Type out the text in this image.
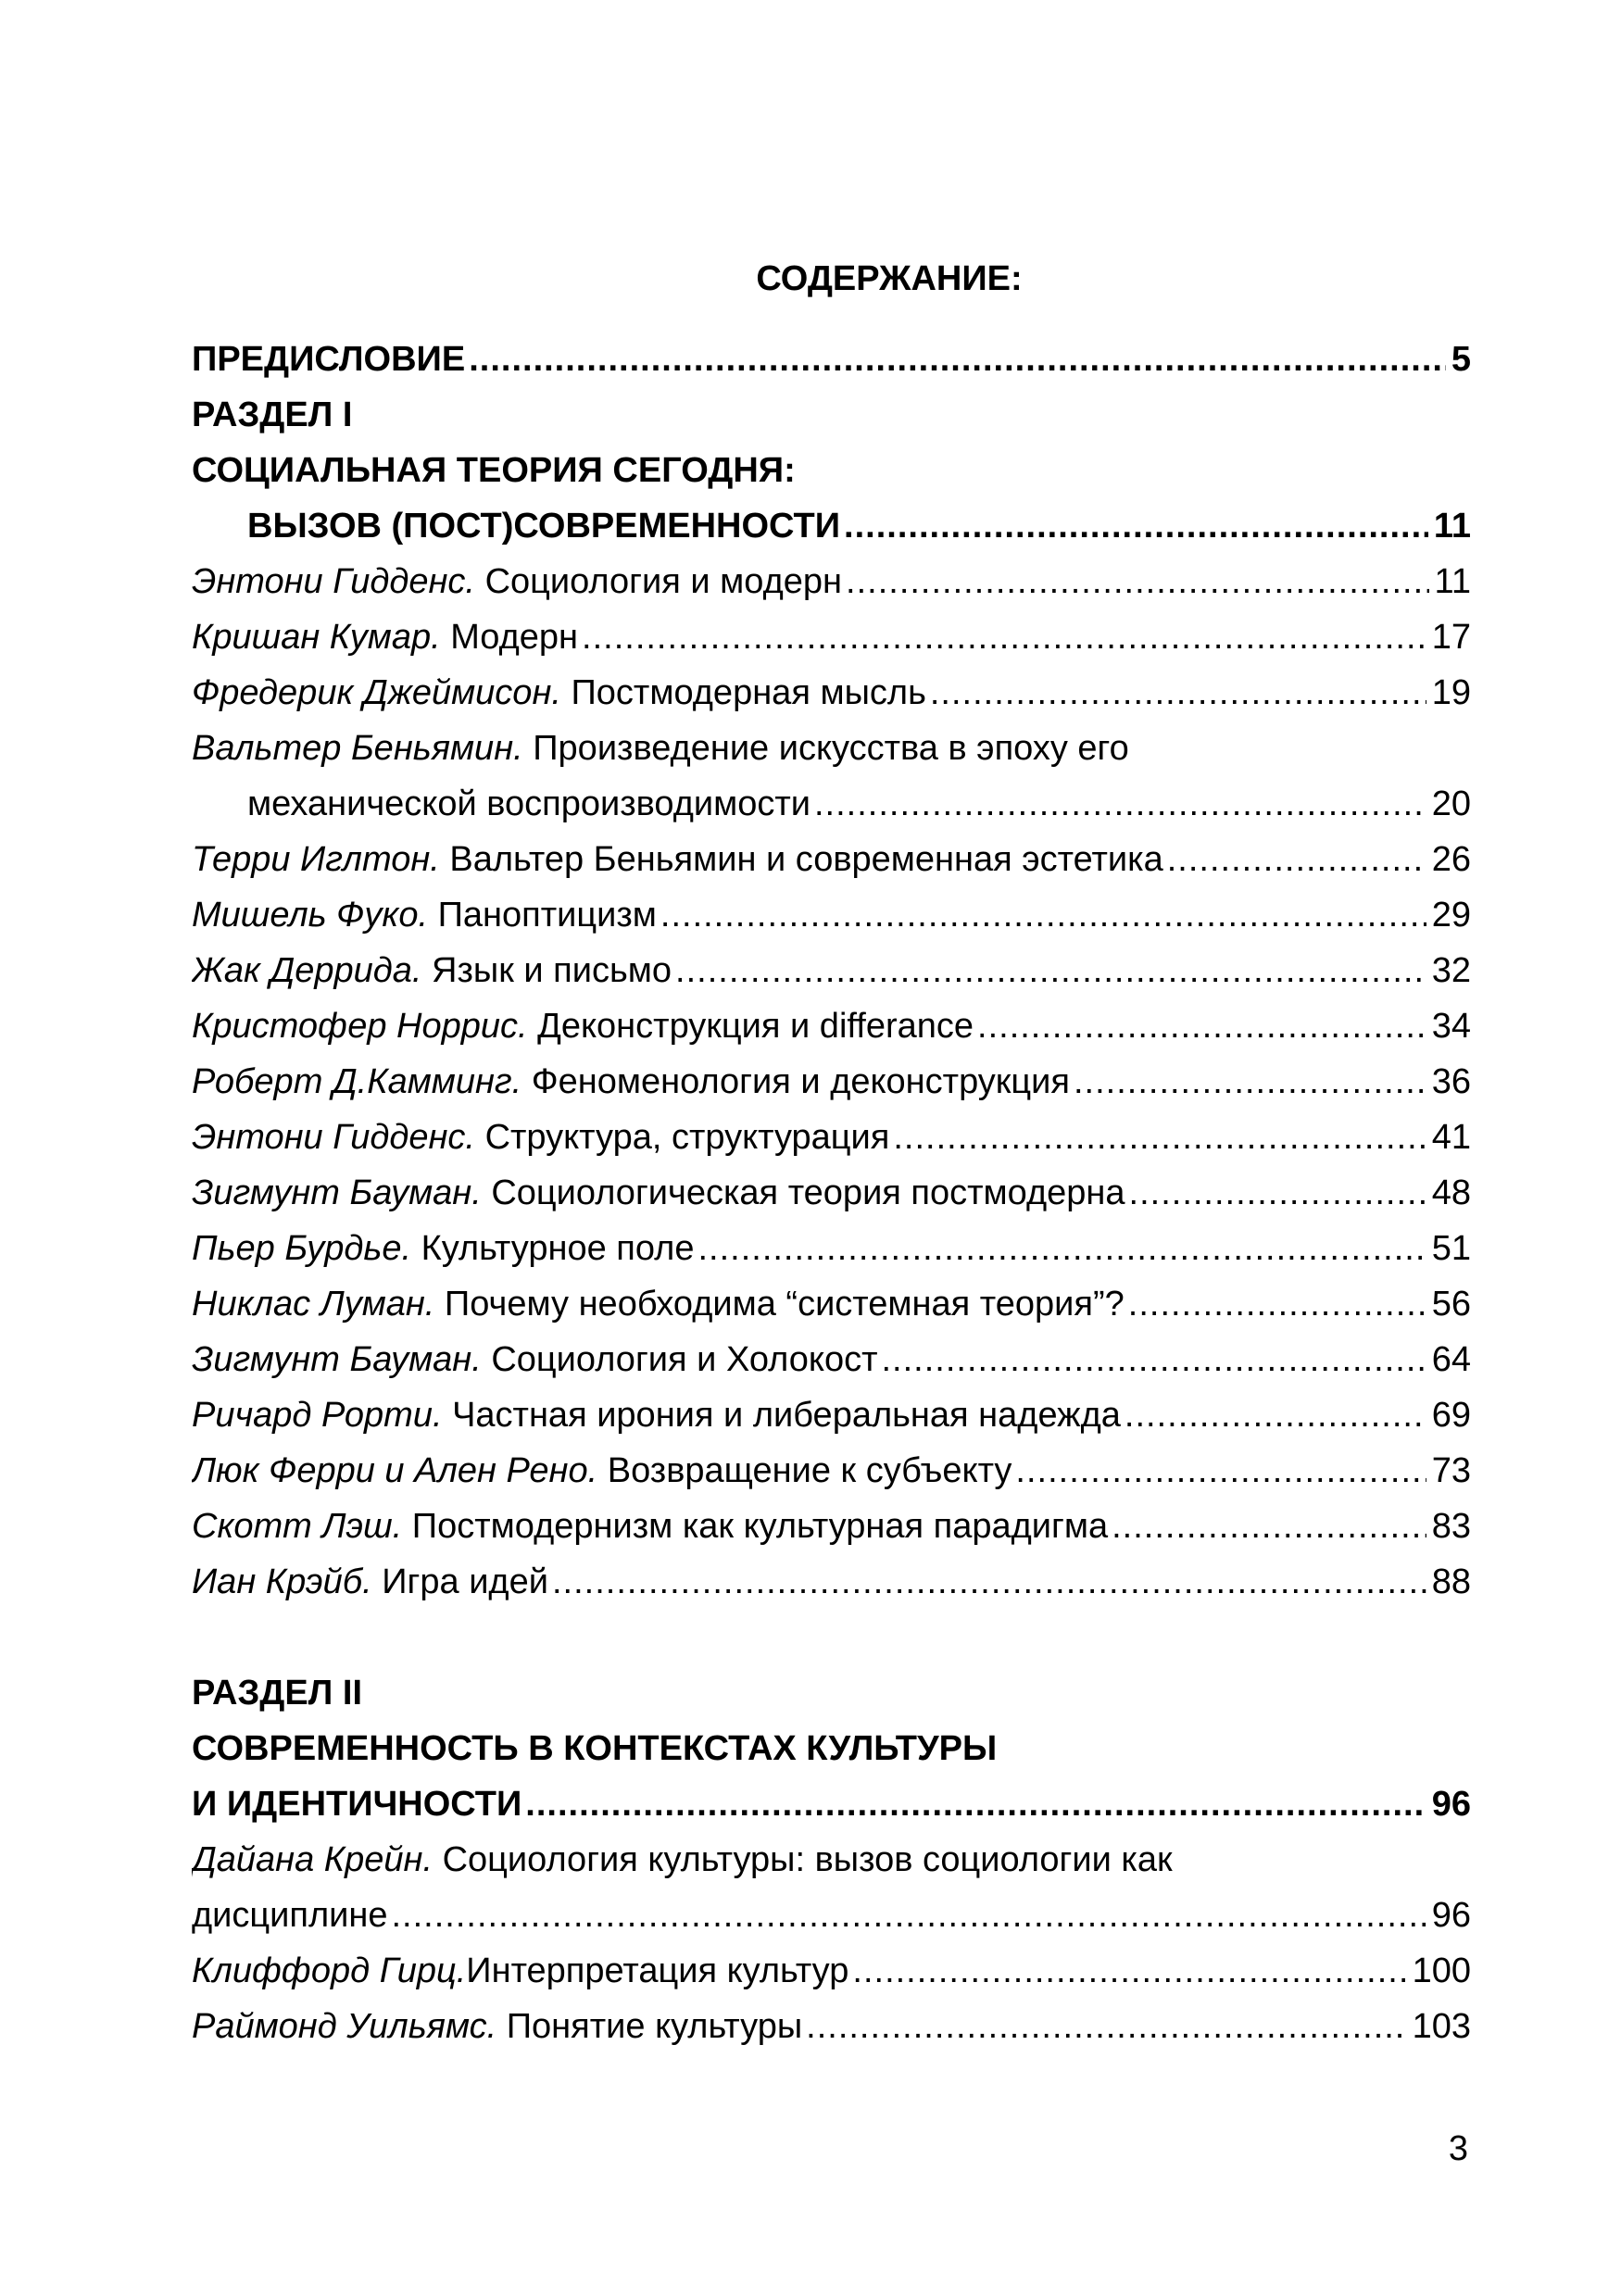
СОДЕРЖАНИЕ:
ПРЕДИСЛОВИЕ .....	5
РАЗДЕЛ I
СОЦИАЛЬНАЯ ТЕОРИЯ СЕГОДНЯ:
ВЫЗОВ (ПОСТ)СОВРЕМЕННОСТИ .....	11
Энтони Гидденс. Социология и модерн .....	11
Кришан Кумар. Модерн .....	17
Фредерик Джеймисон. Постмодерная мысль .....	19
Вальтер Беньямин. Произведение искусства в эпоху его
механической воспроизводимости .....	20
Терри Иглтон. Вальтер Беньямин и современная эстетика .....	26
Мишель Фуко. Паноптицизм .....	29
Жак Деррида. Язык и письмо .....	32
Кристофер Норрис. Деконструкция и differance .....	34
Роберт Д.Камминг. Феноменология и деконструкция .....	36
Энтони Гидденс. Структура, структурация .....	41
Зигмунт Бауман. Социологическая теория постмодерна .....	48
Пьер Бурдье. Культурное поле .....	51
Никлас Луман. Почему необходима “системная теория”? .....	56
Зигмунт Бауман. Социология и Холокост .....	64
Ричард Рорти. Частная ирония и либеральная надежда .....	69
Люк Ферри и Ален Рено. Возвращение к субъекту .....	73
Скотт Лэш. Постмодернизм как культурная парадигма .....	83
Иан Крэйб. Игра идей .....	88
РАЗДЕЛ II
СОВРЕМЕННОСТЬ В КОНТЕКСТАХ КУЛЬТУРЫ
И ИДЕНТИЧНОСТИ .....	96
Дайана Крейн. Социология культуры: вызов социологии как
дисциплине .....	96
Клиффорд Гирц.Интерпретация культур .....	100
Раймонд Уильямс. Понятие культуры .....	103
3
